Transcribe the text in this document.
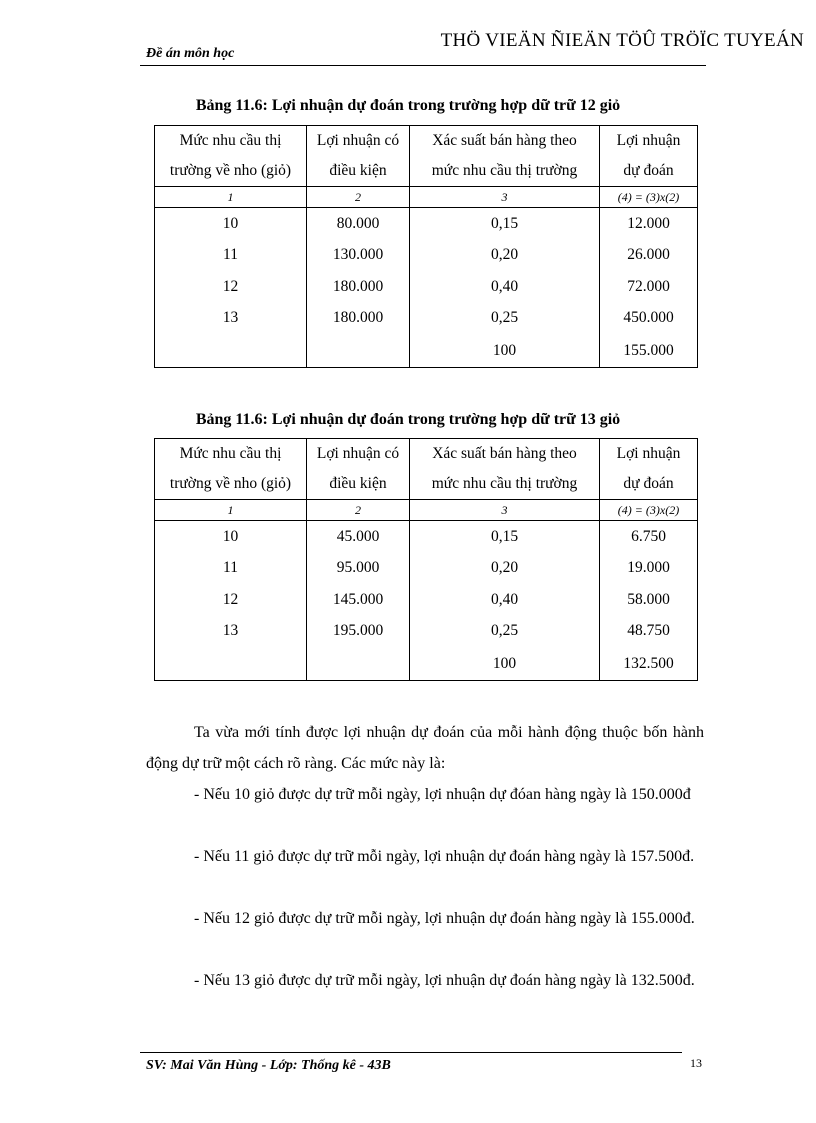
Đề án môn học
THÖ VIEÄN ÑIEÄN TÖÛ TRÖÏC TUYEÁN
Bảng 11.6: Lợi nhuận dự đoán trong trường hợp dữ trữ 12 giỏ
Mức nhu cầu thị	Lợi nhuận có	Xác suất bán hàng theo	Lợi nhuận
trường về nho (giỏ)	điều kiện	mức nhu cầu thị trường	dự đoán
1	2	3	(4) = (3)x(2)
10	80.000	0,15	12.000
11	130.000	0,20	26.000
12	180.000	0,40	72.000
13	180.000	0,25	450.000
		100	155.000
Bảng 11.6: Lợi nhuận dự đoán trong trường hợp dữ trữ 13 giỏ
Mức nhu cầu thị	Lợi nhuận có	Xác suất bán hàng theo	Lợi nhuận
trường về nho (giỏ)	điều kiện	mức nhu cầu thị trường	dự đoán
1	2	3	(4) = (3)x(2)
10	45.000	0,15	6.750
11	95.000	0,20	19.000
12	145.000	0,40	58.000
13	195.000	0,25	48.750
		100	132.500
Ta vừa mới tính được lợi nhuận dự đoán của mỗi hành động thuộc bốn hành động dự trữ một cách rõ ràng. Các mức này là:
- Nếu 10 giỏ được dự trữ mỗi ngày, lợi nhuận dự đóan hàng ngày là 150.000đ
- Nếu 11 giỏ được dự trữ mỗi ngày, lợi nhuận dự đoán hàng ngày là 157.500đ.
- Nếu 12 giỏ được dự trữ mỗi ngày, lợi nhuận dự đoán hàng ngày là 155.000đ.
- Nếu 13 giỏ được dự trữ mỗi ngày, lợi nhuận dự đoán hàng ngày là 132.500đ.
SV: Mai Văn Hùng - Lớp: Thống kê - 43B	13
